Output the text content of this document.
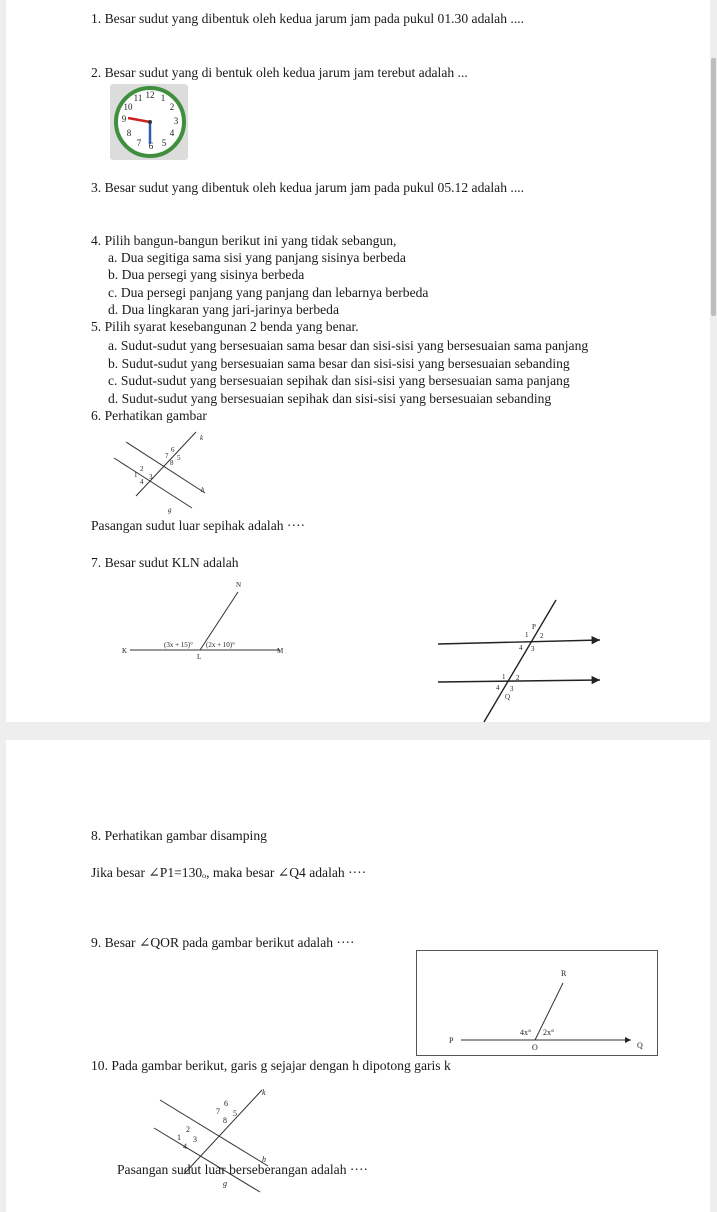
1. Besar sudut yang dibentuk oleh kedua jarum jam pada pukul 01.30 adalah ....
2. Besar sudut yang di bentuk oleh kedua jarum jam terebut adalah ...
12 1
2
3
4
5
6
7
8
9
10
11
3. Besar sudut yang dibentuk oleh kedua jarum jam pada pukul 05.12 adalah ....
4. Pilih bangun-bangun berikut ini yang tidak sebangun,
a. Dua segitiga sama sisi yang panjang sisinya berbeda
b. Dua persegi yang sisinya berbeda
c. Dua persegi panjang yang panjang dan lebarnya berbeda
d. Dua lingkaran yang jari-jarinya berbeda
5. Pilih syarat kesebangunan 2 benda yang benar.
a. Sudut-sudut yang bersesuaian sama besar dan sisi-sisi yang bersesuaian sama panjang
b. Sudut-sudut yang bersesuaian sama besar dan sisi-sisi yang bersesuaian sebanding
c. Sudut-sudut yang bersesuaian sepihak dan sisi-sisi yang bersesuaian sama panjang
d. Sudut-sudut yang bersesuaian sepihak dan sisi-sisi yang bersesuaian sebanding
6. Perhatikan gambar
k
h
g
1
2
3
4
5
6
7
8
Pasangan sudut luar sepihak adalah ····
7. Besar sudut KLN adalah
N
K
L
M
(3x + 15)° (2x + 10)°
P
1 2
4 3
1 2
4 3
Q
8. Perhatikan gambar disamping
Jika besar ∠P1=130ₒ, maka besar ∠Q4 adalah ····
9. Besar ∠QOR pada gambar berikut adalah ····
R
P
Q
O
4x° 2x°
10. Pada gambar berikut, garis g sejajar dengan h dipotong garis k
k
h
g
1
2
3
4
5
6
7
8
Pasangan sudut luar berseberangan adalah ····
